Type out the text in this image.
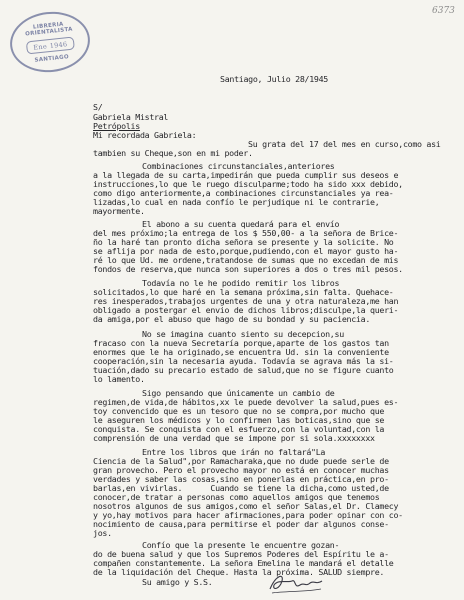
LIBRERIA ORIENTALISTA
Ene 1946
SANTIAGO
6373
Santiago, Julio 28/1945
S/
Gabriela Mistral
Petrópolis
Mi recordada Gabriela:
Su grata del 17 del mes en curso,como asi
tambien su Cheque,son en mi poder.
Combinaciones circunstanciales,anteriores
a la llegada de su carta,impedirán que pueda cumplir sus deseos e
instrucciones,lo que le ruego disculparme;todo ha sido xxx debido,
como digo anteriormente,a combinaciones circunstanciales ya rea-
lizadas,lo cual en nada confío le perjudique ni le contrarie,
mayormente.
El abono a su cuenta quedará para el envío
del mes próximo;la entrega de los $ 550,00- a la señora de Brice-
ño la haré tan pronto dicha señora se presente y la solicite. No
se aflija por nada de esto,porque,pudiendo,con el mayor gusto ha-
ré lo que Ud. me ordene,tratandose de sumas que no excedan de mis
fondos de reserva,que nunca son superiores a dos o tres mil pesos.
Todavía no le he podido remitir los libros
solicitados,lo que haré en la semana próxima,sin falta. Quehace-
res inesperados,trabajos urgentes de una y otra naturaleza,me han
obligado a postergar el envio de dichos libros;disculpe,la queri-
da amiga,por el abuso que hago de su bondad y su paciencia.
No se imagina cuanto siento su decepcion,su
fracaso con la nueva Secretaría porque,aparte de los gastos tan
enormes que le ha originado,se encuentra Ud. sin la conveniente
cooperación,sin la necesaria ayuda. Todavía se agrava más la si-
tuación,dado su precario estado de salud,que no se figure cuanto
lo lamento.
Sigo pensando que únicamente un cambio de
regimen,de vida,de hábitos,xx le puede devolver la salud,pues es-
toy convencido que es un tesoro que no se compra,por mucho que
le aseguren los médicos y lo confirmen las boticas,sino que se
conquista. Se conquista con el esfuerzo,con la voluntad,con la
comprensión de una verdad que se impone por si sola.xxxxxxxx
Entre los libros que irán no faltará"La
Ciencia de la Salud",por Ramacharaka,que no dude puede serle de
gran provecho. Pero el provecho mayor no está en conocer muchas
verdades y saber las cosas,sino en ponerlas en práctica,en pro-
barlas,en vivirlas.      Cuando se tiene la dicha,como usted,de
conocer,de tratar a personas como aquellos amigos que tenemos
nosotros algunos de sus amigos,como el señor Salas,el Dr. Clamecy
y yo,hay motivos para hacer afirmaciones,para poder opinar con co-
nocimiento de causa,para permitirse el poder dar algunos conse-
jos.
Confío que la presente le encuentre gozan-
do de buena salud y que los Supremos Poderes del Espíritu le a-
compañen constantemente. La señora Emelina le mandará el detalle
de la liquidación del Cheque. Hasta la próxima. SALUD siempre.
Su amigo y S.S.
